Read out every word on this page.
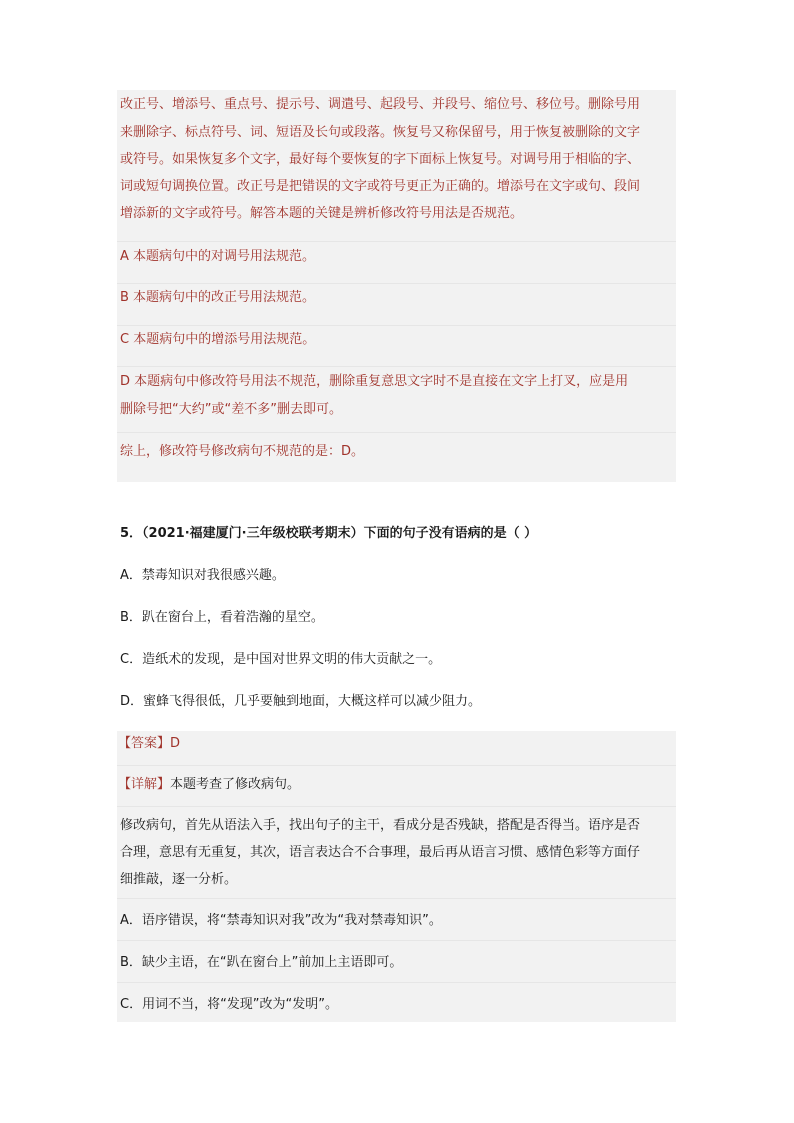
改正号、增添号、重点号、提示号、调遣号、起段号、并段号、缩位号、移位号。删除号用
来删除字、标点符号、词、短语及长句或段落。恢复号又称保留号，用于恢复被删除的文字
或符号。如果恢复多个文字，最好每个要恢复的字下面标上恢复号。对调号用于相临的字、
词或短句调换位置。改正号是把错误的文字或符号更正为正确的。增添号在文字或句、段间
增添新的文字或符号。解答本题的关键是辨析修改符号用法是否规范。
A 本题病句中的对调号用法规范。
B 本题病句中的改正号用法规范。
C 本题病句中的增添号用法规范。
D 本题病句中修改符号用法不规范，删除重复意思文字时不是直接在文字上打叉，应是用
删除号把“大约”或“差不多”删去即可。
综上，修改符号修改病句不规范的是：D。
5．（2021·福建厦门·三年级校联考期末）下面的句子没有语病的是（ ）
A．禁毒知识对我很感兴趣。
B．趴在窗台上，看着浩瀚的星空。
C．造纸术的发现，是中国对世界文明的伟大贡献之一。
D．蜜蜂飞得很低，几乎要触到地面，大概这样可以减少阻力。
【答案】D
【详解】本题考查了修改病句。
修改病句，首先从语法入手，找出句子的主干，看成分是否残缺，搭配是否得当。语序是否
合理，意思有无重复，其次，语言表达合不合事理，最后再从语言习惯、感情色彩等方面仔
细推敲，逐一分析。
A．语序错误，将“禁毒知识对我”改为“我对禁毒知识”。
B．缺少主语，在“趴在窗台上”前加上主语即可。
C．用词不当，将“发现”改为“发明”。
